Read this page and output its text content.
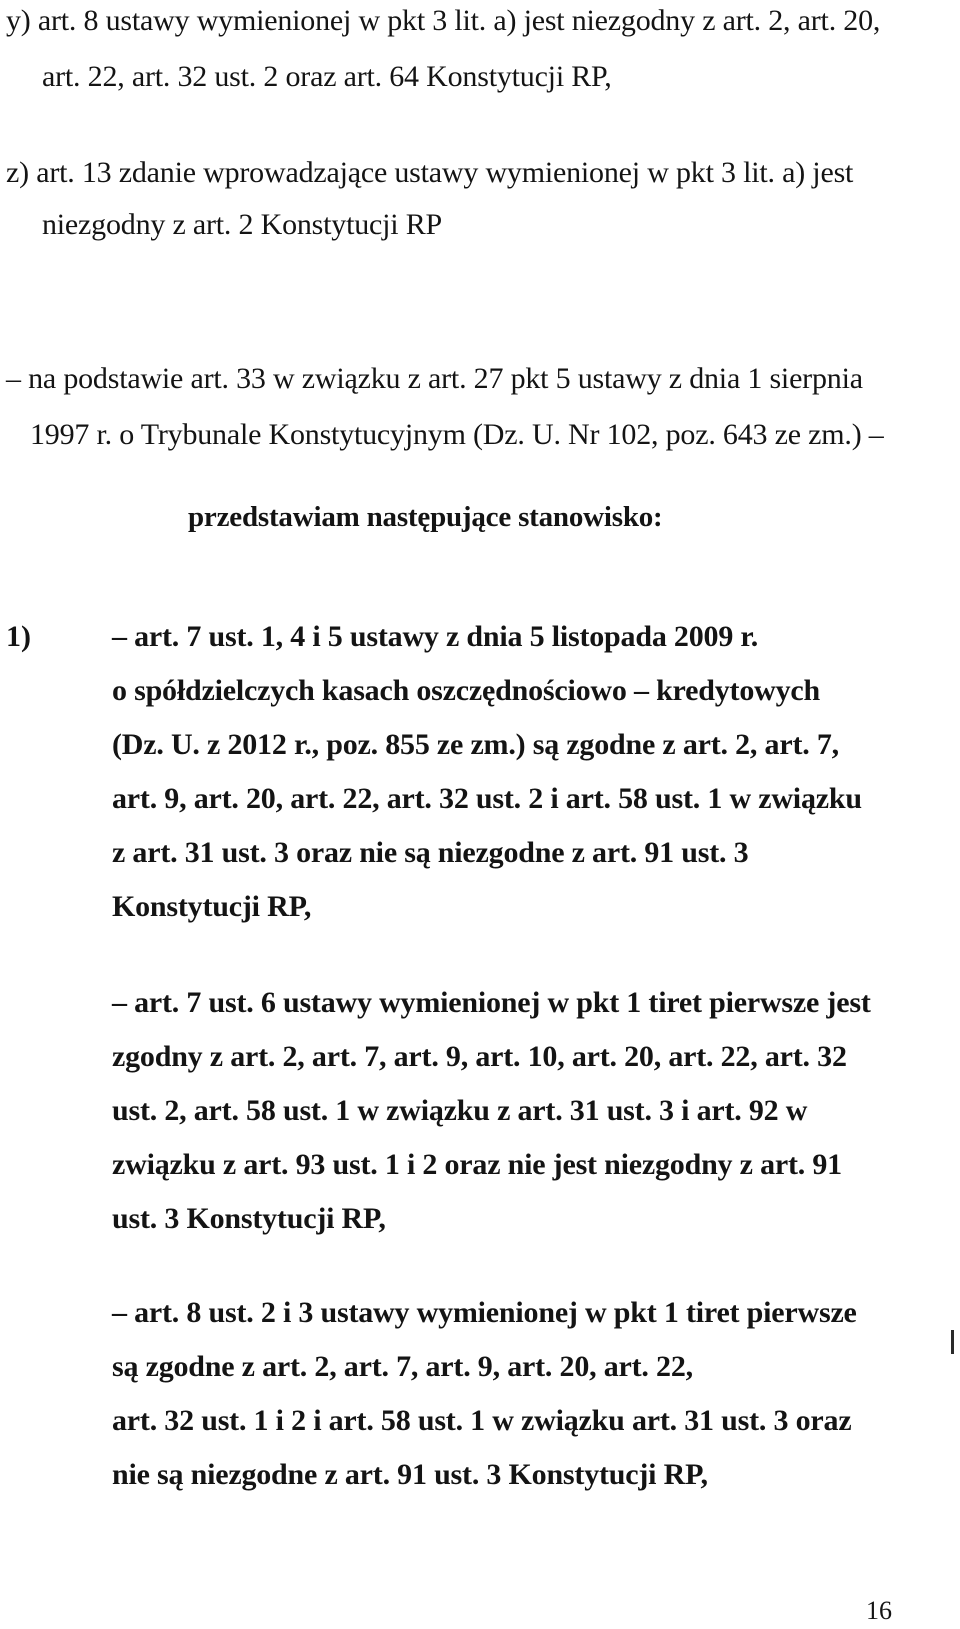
y) art. 8 ustawy wymienionej w pkt 3 lit. a) jest niezgodny z art. 2, art. 20,
art. 22, art. 32 ust. 2 oraz art. 64 Konstytucji RP,
z) art. 13 zdanie wprowadzające ustawy wymienionej w pkt 3 lit. a) jest
niezgodny z art. 2 Konstytucji RP
– na podstawie art. 33 w związku z art. 27 pkt 5 ustawy z dnia 1 sierpnia
1997 r. o Trybunale Konstytucyjnym (Dz. U. Nr 102, poz. 643 ze zm.) –
przedstawiam następujące stanowisko:
1)	– art. 7 ust. 1, 4 i 5 ustawy z dnia 5 listopada 2009 r.
o spółdzielczych kasach oszczędnościowo – kredytowych
(Dz. U. z 2012 r., poz. 855 ze zm.) są zgodne z art. 2, art. 7,
art. 9, art. 20, art. 22, art. 32 ust. 2 i art. 58 ust. 1 w związku
z art. 31 ust. 3 oraz nie są niezgodne z art. 91 ust. 3
Konstytucji RP,
– art. 7 ust. 6 ustawy wymienionej w pkt 1 tiret pierwsze jest
zgodny z art. 2, art. 7, art. 9, art. 10, art. 20, art. 22, art. 32
ust. 2, art. 58 ust. 1 w związku z art. 31 ust. 3 i art. 92 w
związku z art. 93 ust. 1 i 2 oraz nie jest niezgodny z art. 91
ust. 3 Konstytucji RP,
– art. 8 ust. 2 i 3 ustawy wymienionej w pkt 1 tiret pierwsze
są zgodne z art. 2, art. 7, art. 9, art. 20, art. 22,
art. 32 ust. 1 i 2 i art. 58 ust. 1 w związku art. 31 ust. 3 oraz
nie są niezgodne z art. 91 ust. 3 Konstytucji RP,
16
